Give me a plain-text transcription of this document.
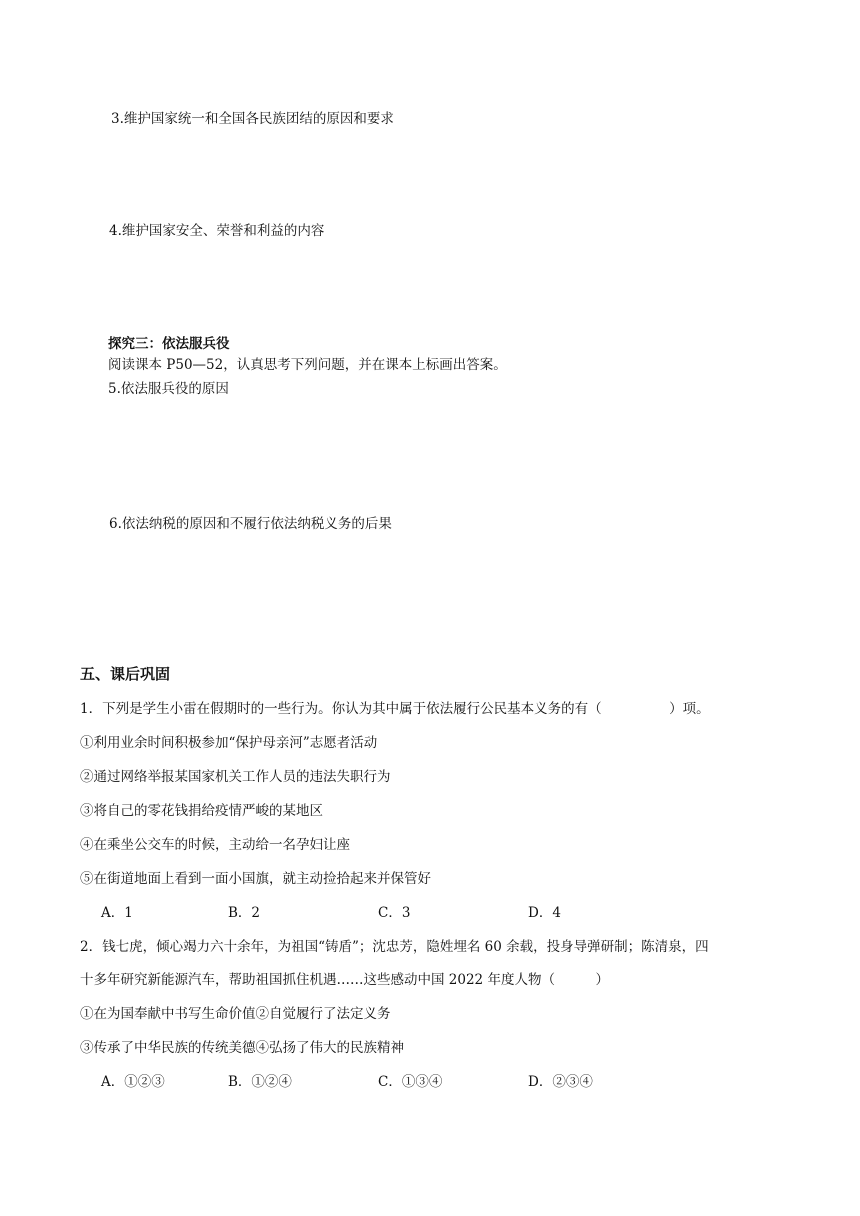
3.维护国家统一和全国各民族团结的原因和要求
4.维护国家安全、荣誉和利益的内容
探究三：依法服兵役
阅读课本 P50—52，认真思考下列问题，并在课本上标画出答案。
5.依法服兵役的原因
6.依法纳税的原因和不履行依法纳税义务的后果
五、课后巩固
1．下列是学生小雷在假期时的一些行为。你认为其中属于依法履行公民基本义务的有（　　　　　）项。
①利用业余时间积极参加“保护母亲河”志愿者活动
②通过网络举报某国家机关工作人员的违法失职行为
③将自己的零花钱捐给疫情严峻的某地区
④在乘坐公交车的时候，主动给一名孕妇让座
⑤在街道地面上看到一面小国旗，就主动捡拾起来并保管好
A．1	B．2	C．3	D．4
2．钱七虎，倾心竭力六十余年，为祖国“铸盾”；沈忠芳，隐姓埋名 60 余载，投身导弹研制；陈清泉，四
十多年研究新能源汽车，帮助祖国抓住机遇……这些感动中国 2022 年度人物（　　　）
①在为国奉献中书写生命价值②自觉履行了法定义务
③传承了中华民族的传统美德④弘扬了伟大的民族精神
A．①②③	B．①②④	C．①③④	D．②③④
